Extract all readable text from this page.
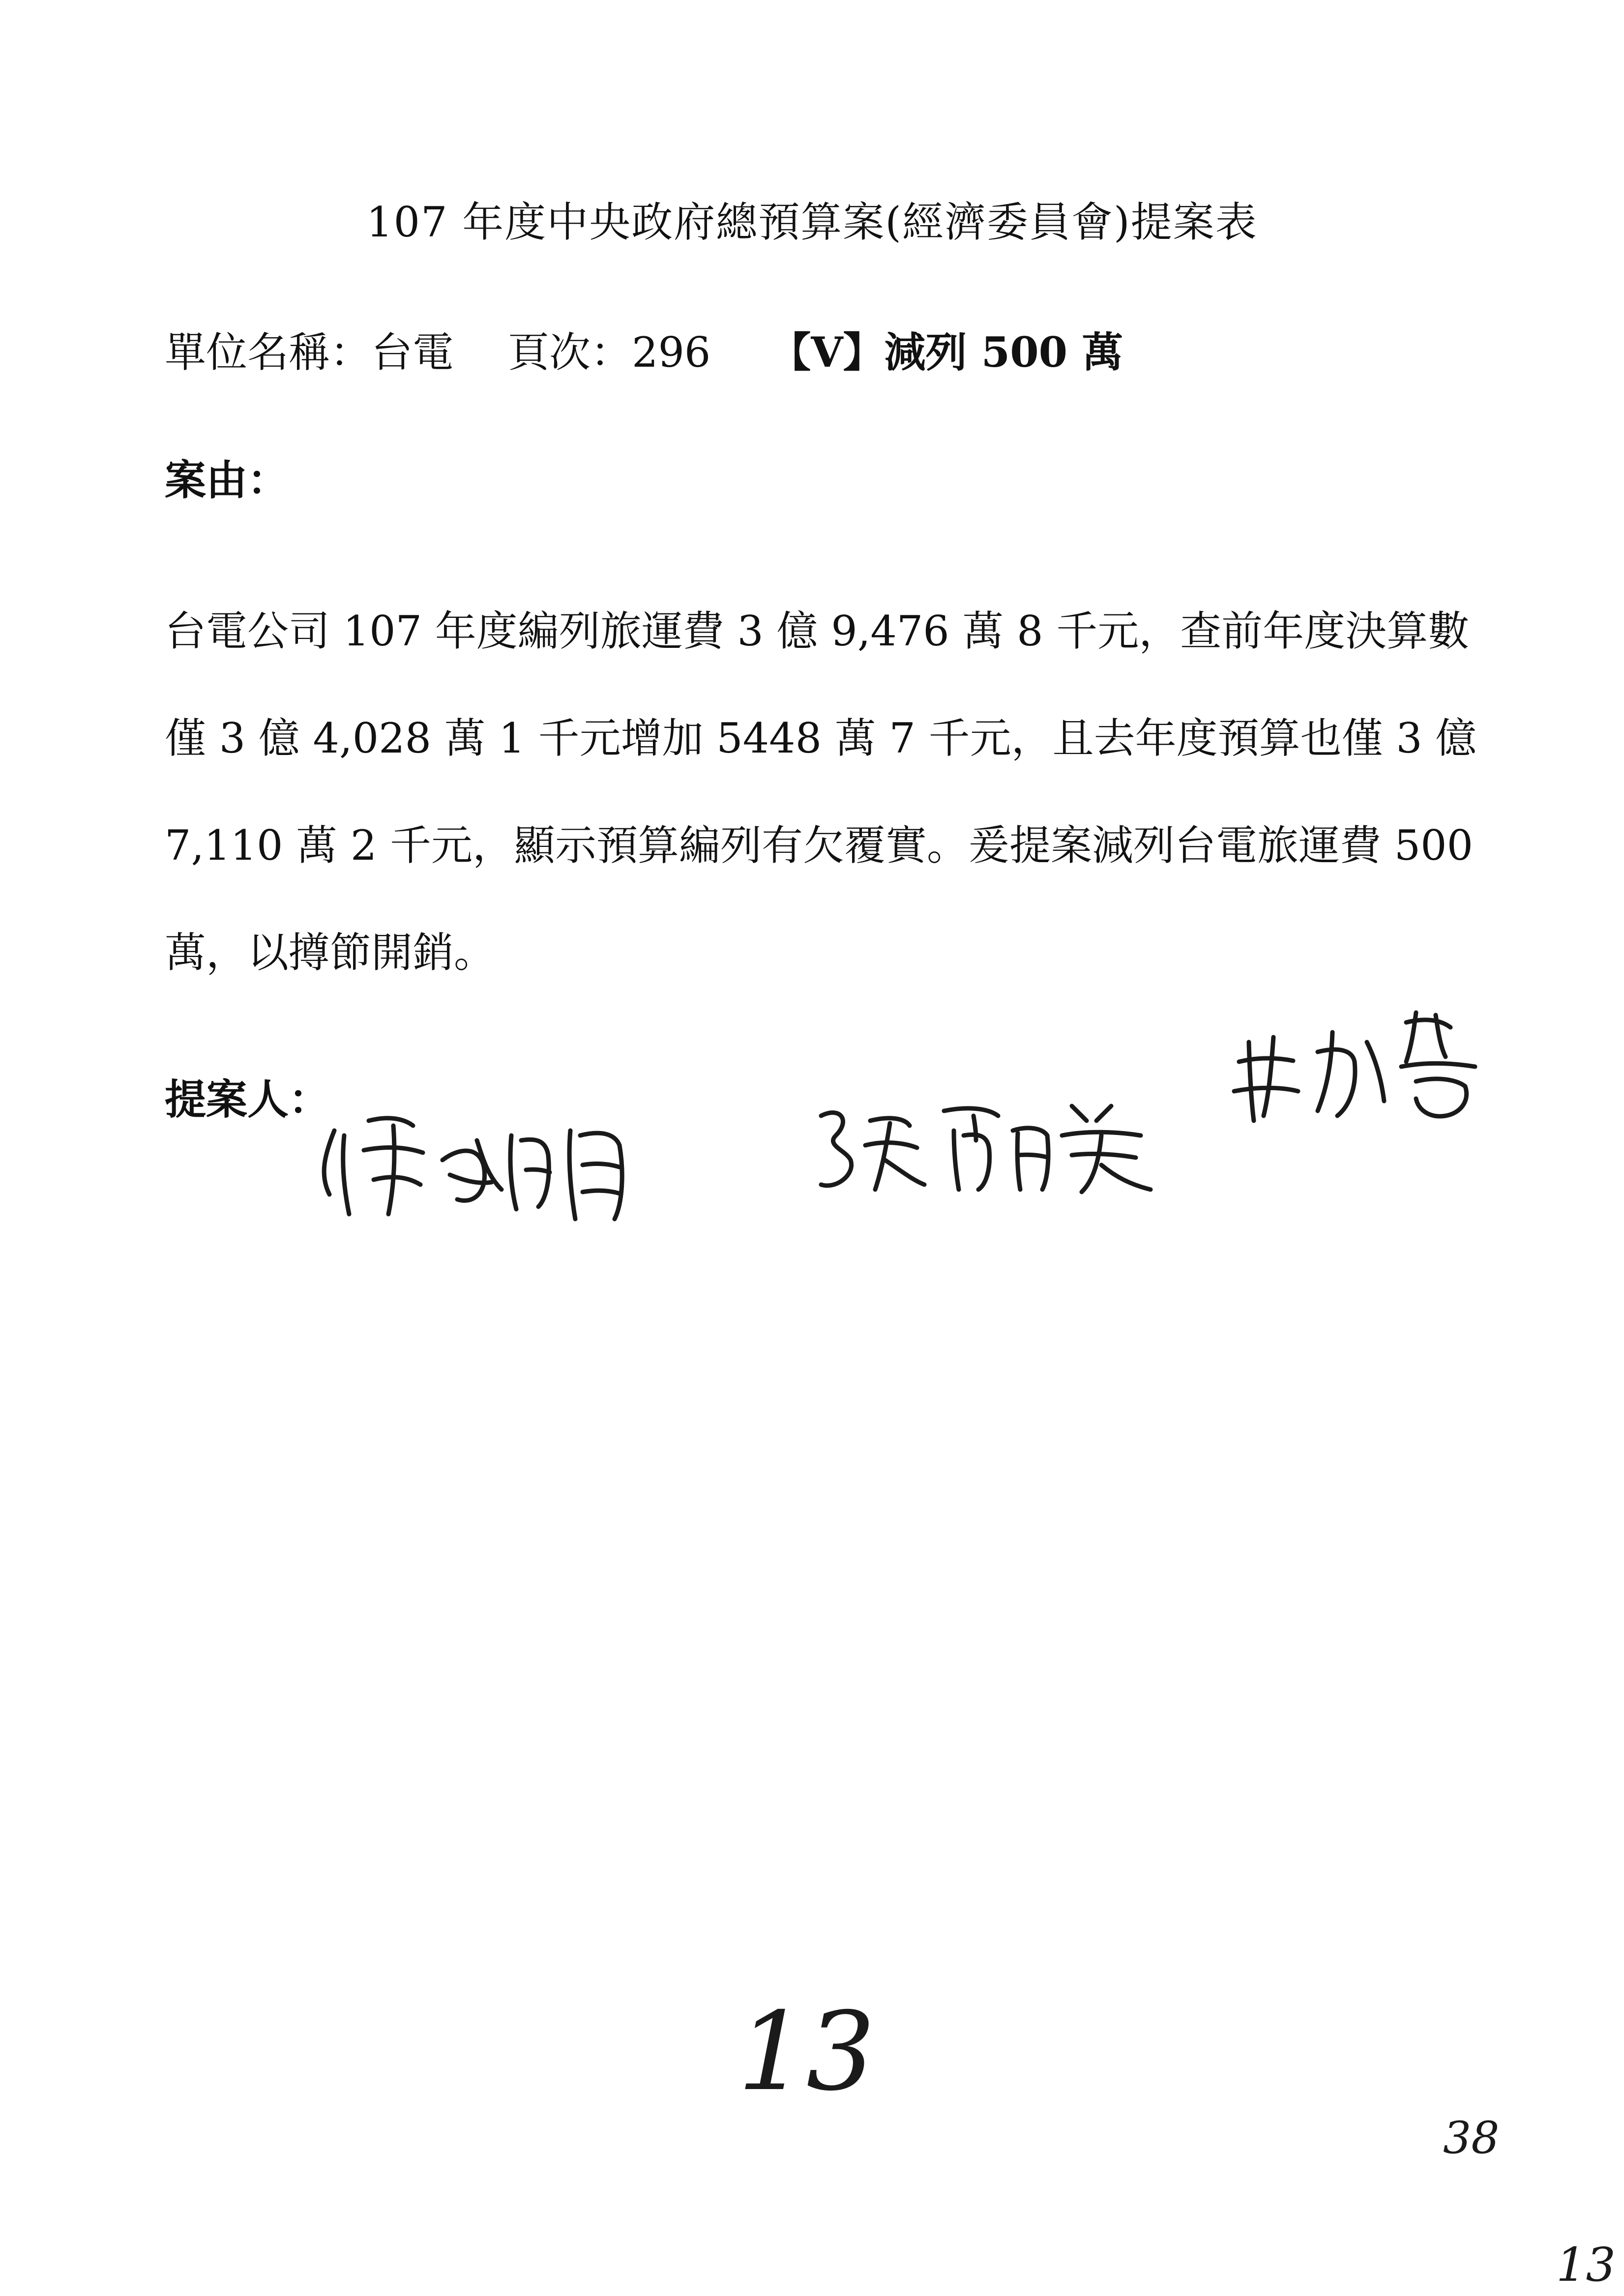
107 年度中央政府總預算案(經濟委員會)提案表
單位名稱：台電 頁次：296 【V】減列 500 萬
案由：
台電公司 107 年度編列旅運費 3 億 9,476 萬 8 千元，查前年度決算數
僅 3 億 4,028 萬 1 千元增加 5448 萬 7 千元，且去年度預算也僅 3 億
7,110 萬 2 千元，顯示預算編列有欠覆實。爰提案減列台電旅運費 500
萬，以撙節開銷。
提案人：
13
38
13
